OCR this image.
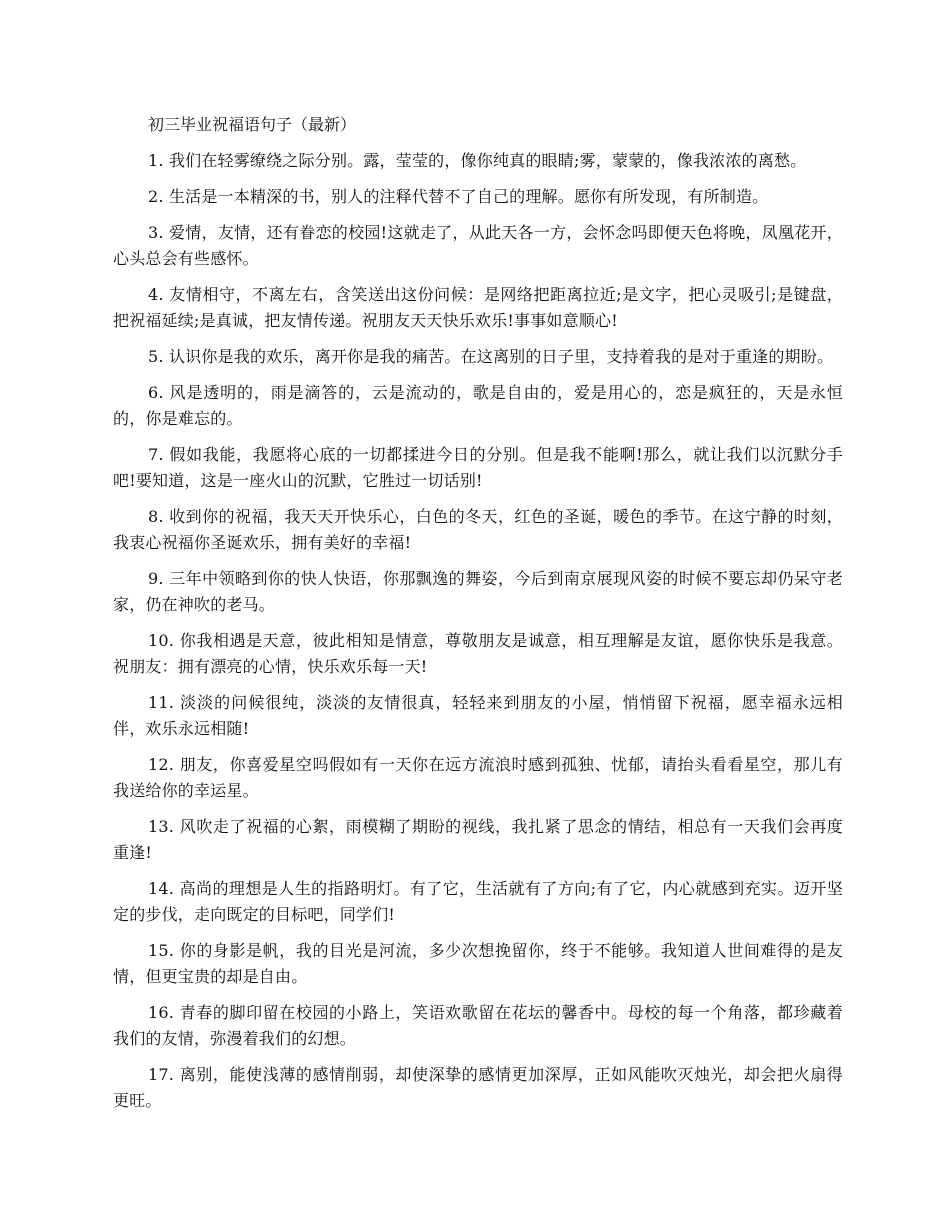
初三毕业祝福语句子（最新）

1. 我们在轻雾缭绕之际分别。露，莹莹的，像你纯真的眼睛;雾，蒙蒙的，像我浓浓的离愁。

2. 生活是一本精深的书，别人的注释代替不了自己的理解。愿你有所发现，有所制造。

3. 爱情，友情，还有眷恋的校园!这就走了，从此天各一方，会怀念吗即便天色将晚，凤凰花开，心头总会有些感怀。

4. 友情相守，不离左右，含笑送出这份问候：是网络把距离拉近;是文字，把心灵吸引;是键盘，把祝福延续;是真诚，把友情传递。祝朋友天天快乐欢乐!事事如意顺心!

5. 认识你是我的欢乐，离开你是我的痛苦。在这离别的日子里，支持着我的是对于重逢的期盼。

6. 风是透明的，雨是滴答的，云是流动的，歌是自由的，爱是用心的，恋是疯狂的，天是永恒的，你是难忘的。

7. 假如我能，我愿将心底的一切都揉进今日的分别。但是我不能啊!那么，就让我们以沉默分手吧!要知道，这是一座火山的沉默，它胜过一切话别!

8. 收到你的祝福，我天天开快乐心，白色的冬天，红色的圣诞，暖色的季节。在这宁静的时刻，我衷心祝福你圣诞欢乐，拥有美好的幸福!

9. 三年中领略到你的快人快语，你那飘逸的舞姿，今后到南京展现风姿的时候不要忘却仍呆守老家，仍在神吹的老马。

10. 你我相遇是天意，彼此相知是情意，尊敬朋友是诚意，相互理解是友谊，愿你快乐是我意。祝朋友：拥有漂亮的心情，快乐欢乐每一天!

11. 淡淡的问候很纯，淡淡的友情很真，轻轻来到朋友的小屋，悄悄留下祝福，愿幸福永远相伴，欢乐永远相随!

12. 朋友，你喜爱星空吗假如有一天你在远方流浪时感到孤独、忧郁，请抬头看看星空，那儿有我送给你的幸运星。

13. 风吹走了祝福的心絮，雨模糊了期盼的视线，我扎紧了思念的情结，相总有一天我们会再度重逢!

14. 高尚的理想是人生的指路明灯。有了它，生活就有了方向;有了它，内心就感到充实。迈开坚定的步伐，走向既定的目标吧，同学们!

15. 你的身影是帆，我的目光是河流，多少次想挽留你，终于不能够。我知道人世间难得的是友情，但更宝贵的却是自由。

16. 青春的脚印留在校园的小路上，笑语欢歌留在花坛的馨香中。母校的每一个角落，都珍藏着我们的友情，弥漫着我们的幻想。

17. 离别，能使浅薄的感情削弱，却使深挚的感情更加深厚，正如风能吹灭烛光，却会把火扇得更旺。
